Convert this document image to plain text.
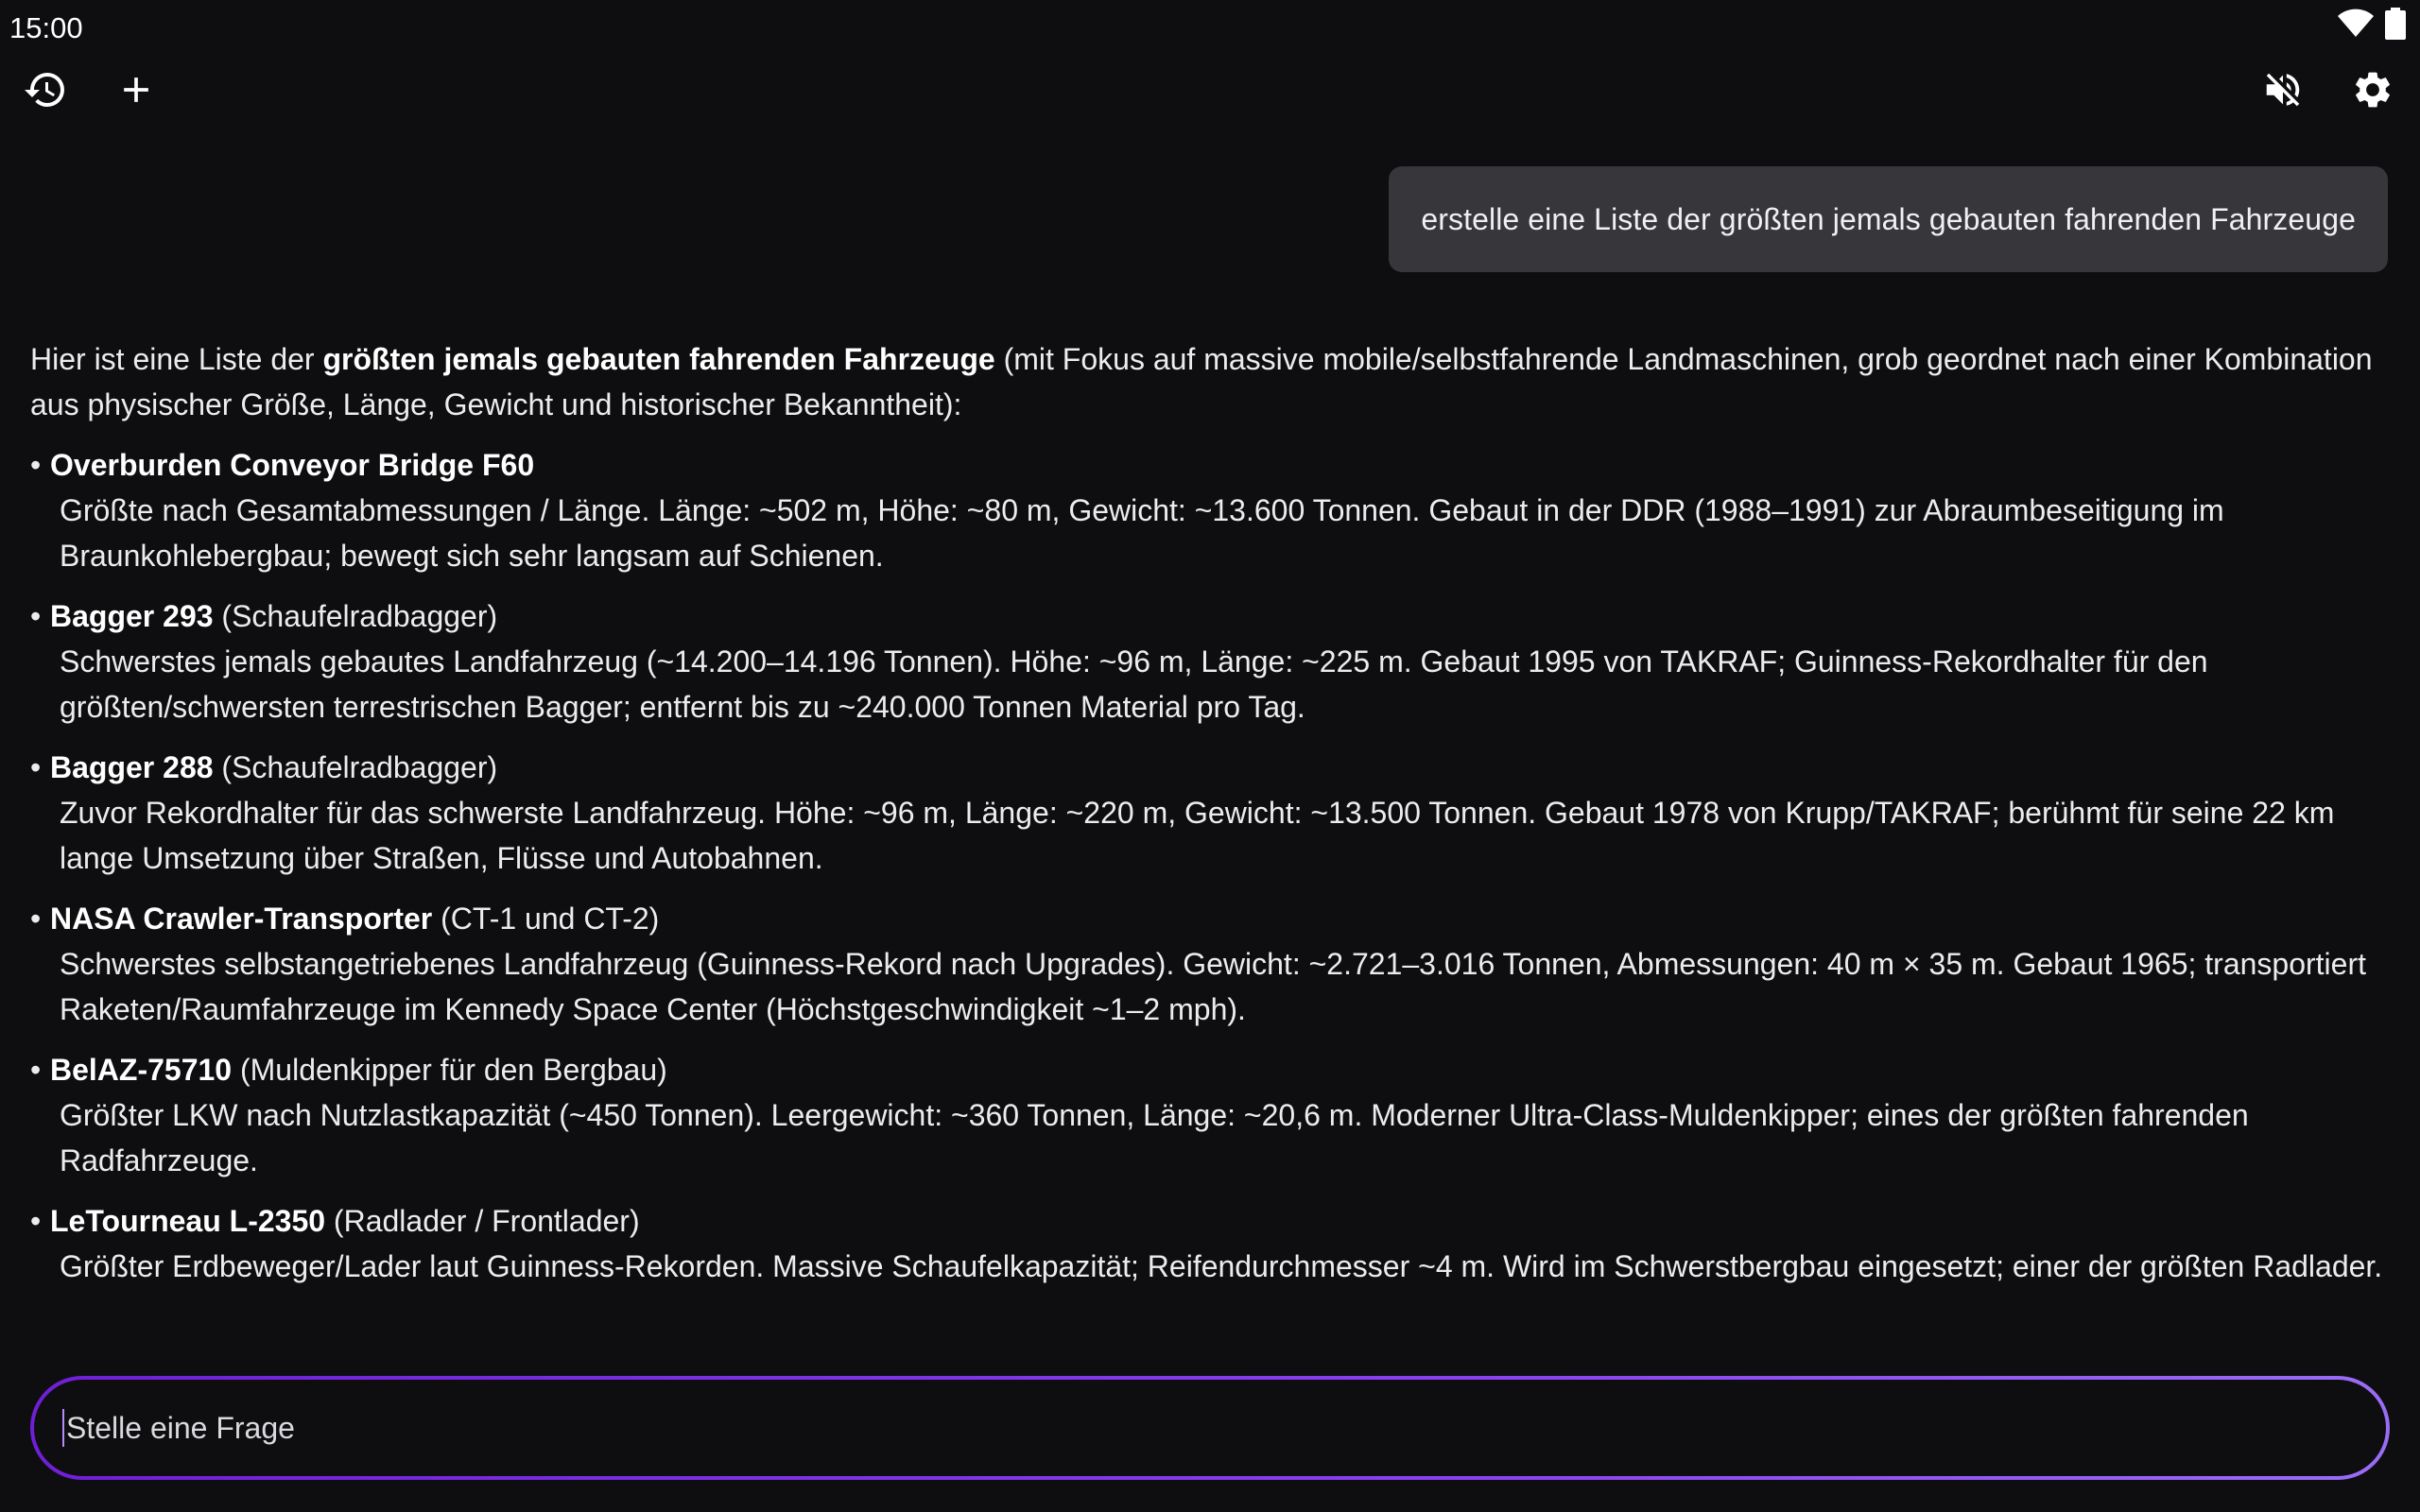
15:00
erstelle eine Liste der größten jemals gebauten fahrenden Fahrzeuge

Hier ist eine Liste der größten jemals gebauten fahrenden Fahrzeuge (mit Fokus auf massive mobile/selbstfahrende Landmaschinen, grob geordnet nach einer Kombination aus physischer Größe, Länge, Gewicht und historischer Bekanntheit):

• Overburden Conveyor Bridge F60
Größte nach Gesamtabmessungen / Länge. Länge: ~502 m, Höhe: ~80 m, Gewicht: ~13.600 Tonnen. Gebaut in der DDR (1988–1991) zur Abraumbeseitigung im Braunkohlebergbau; bewegt sich sehr langsam auf Schienen.
• Bagger 293 (Schaufelradbagger)
Schwerstes jemals gebautes Landfahrzeug (~14.200–14.196 Tonnen). Höhe: ~96 m, Länge: ~225 m. Gebaut 1995 von TAKRAF; Guinness-Rekordhalter für den größten/schwersten terrestrischen Bagger; entfernt bis zu ~240.000 Tonnen Material pro Tag.
• Bagger 288 (Schaufelradbagger)
Zuvor Rekordhalter für das schwerste Landfahrzeug. Höhe: ~96 m, Länge: ~220 m, Gewicht: ~13.500 Tonnen. Gebaut 1978 von Krupp/TAKRAF; berühmt für seine 22 km lange Umsetzung über Straßen, Flüsse und Autobahnen.
• NASA Crawler-Transporter (CT-1 und CT-2)
Schwerstes selbstangetriebenes Landfahrzeug (Guinness-Rekord nach Upgrades). Gewicht: ~2.721–3.016 Tonnen, Abmessungen: 40 m × 35 m. Gebaut 1965; transportiert Raketen/Raumfahrzeuge im Kennedy Space Center (Höchstgeschwindigkeit ~1–2 mph).
• BelAZ-75710 (Muldenkipper für den Bergbau)
Größter LKW nach Nutzlastkapazität (~450 Tonnen). Leergewicht: ~360 Tonnen, Länge: ~20,6 m. Moderner Ultra-Class-Muldenkipper; eines der größten fahrenden Radfahrzeuge.
• LeTourneau L-2350 (Radlader / Frontlader)
Größter Erdbeweger/Lader laut Guinness-Rekorden. Massive Schaufelkapazität; Reifendurchmesser ~4 m. Wird im Schwerstbergbau eingesetzt; einer der größten Radlader.
Stelle eine Frage
